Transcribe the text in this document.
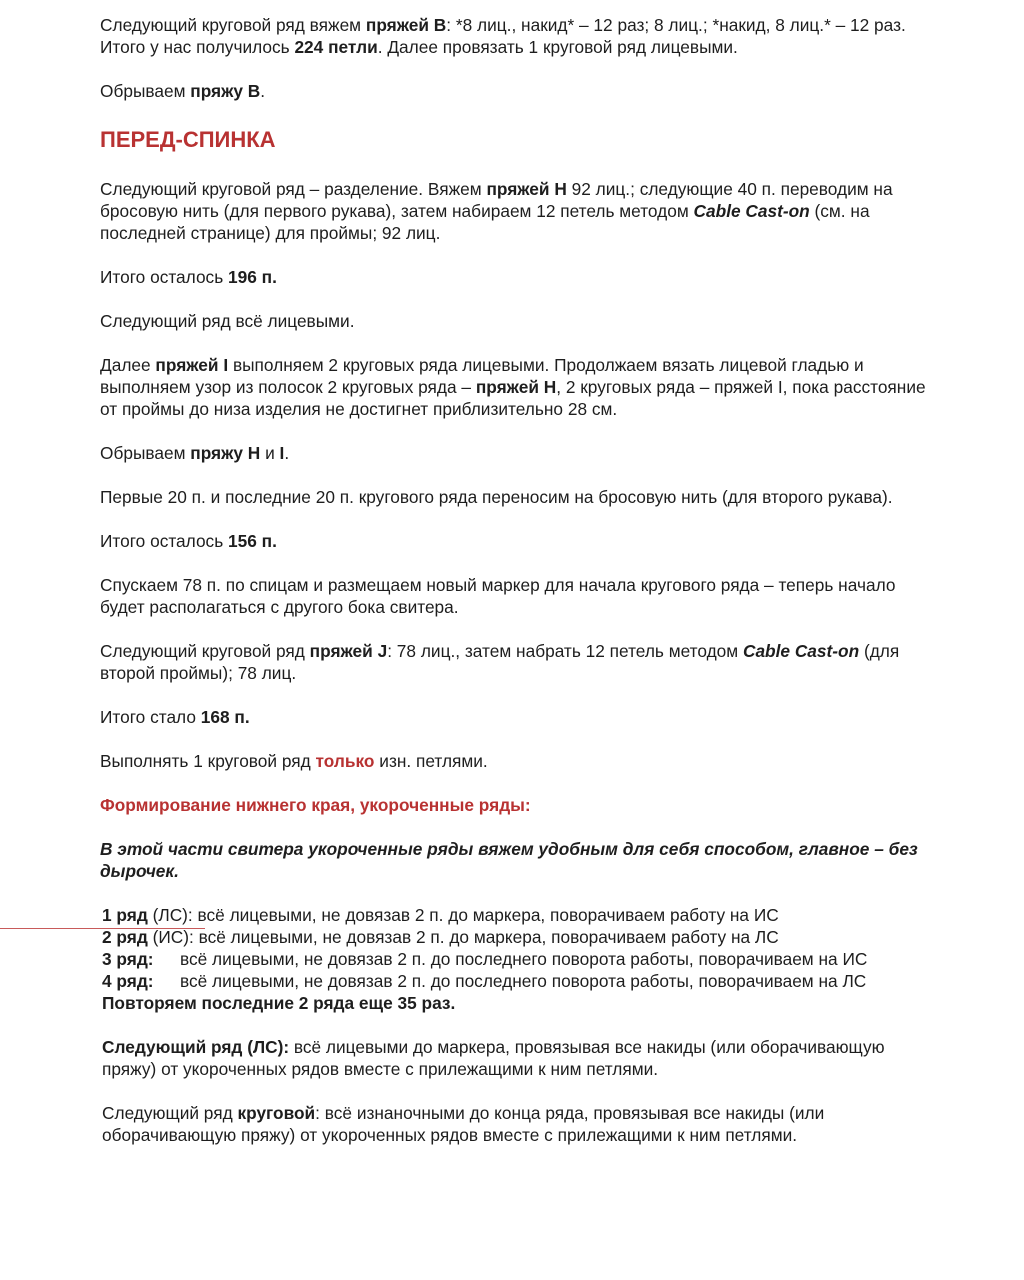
Следующий круговой ряд вяжем пряжей B: *8 лиц., накид* – 12 раз; 8 лиц.; *накид, 8 лиц.* – 12 раз. Итого у нас получилось 224 петли. Далее провязать 1 круговой ряд лицевыми.

Обрываем пряжу B.

ПЕРЕД-СПИНКА

Следующий круговой ряд – разделение. Вяжем пряжей H 92 лиц.; следующие 40 п. переводим на бросовую нить (для первого рукава), затем набираем 12 петель методом Cable Cast-on (см. на последней странице) для проймы; 92 лиц.

Итого осталось 196 п.

Следующий ряд всё лицевыми.

Далее пряжей I выполняем 2 круговых ряда лицевыми. Продолжаем вязать лицевой гладью и выполняем узор из полосок 2 круговых ряда – пряжей H, 2 круговых ряда – пряжей I, пока расстояние от проймы до низа изделия не достигнет приблизительно 28 см.

Обрываем пряжу H и I.

Первые 20 п. и последние 20 п. кругового ряда переносим на бросовую нить (для второго рукава).

Итого осталось 156 п.

Спускаем 78 п. по спицам и размещаем новый маркер для начала кругового ряда – теперь начало будет располагаться с другого бока свитера.

Следующий круговой ряд пряжей J: 78 лиц., затем набрать 12 петель методом Cable Cast-on (для второй проймы); 78 лиц.

Итого стало 168 п.

Выполнять 1 круговой ряд только изн. петлями.

Формирование нижнего края, укороченные ряды:

В этой части свитера укороченные ряды вяжем удобным для себя способом, главное – без дырочек.

1 ряд (ЛС): всё лицевыми, не довязав 2 п. до маркера, поворачиваем работу на ИС
2 ряд (ИС): всё лицевыми, не довязав 2 п. до маркера, поворачиваем работу на ЛС
3 ряд:	всё лицевыми, не довязав 2 п. до последнего поворота работы, поворачиваем на ИС
4 ряд:	всё лицевыми, не довязав 2 п. до последнего поворота работы, поворачиваем на ЛС

Повторяем последние 2 ряда еще 35 раз.

Следующий ряд (ЛС): всё лицевыми до маркера, провязывая все накиды (или оборачивающую пряжу) от укороченных рядов вместе с прилежащими к ним петлями.

Следующий ряд круговой: всё изнаночными до конца ряда, провязывая все накиды (или оборачивающую пряжу) от укороченных рядов вместе с прилежащими к ним петлями.
